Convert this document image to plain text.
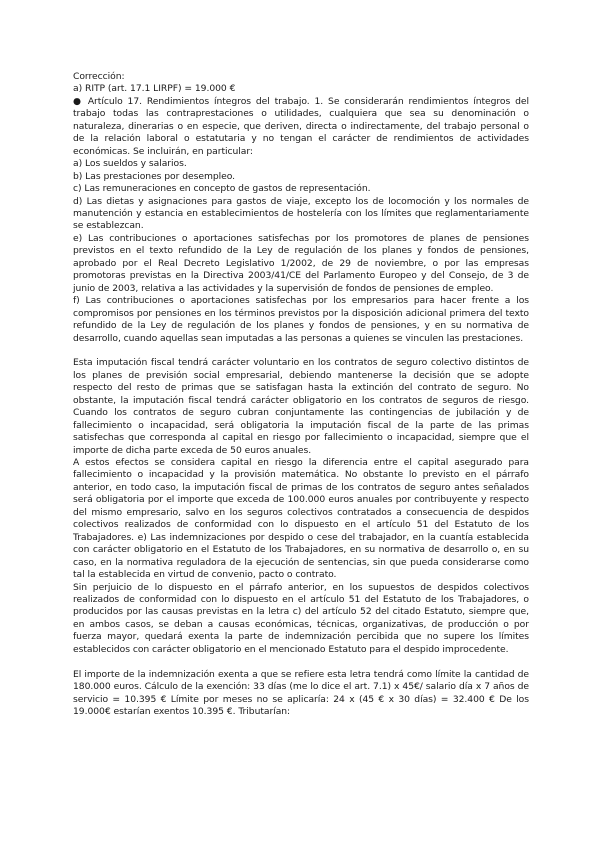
Corrección:

a) RITP (art. 17.1 LIRPF) = 19.000 €

● Artículo 17. Rendimientos íntegros del trabajo. 1. Se considerarán rendimientos íntegros del trabajo todas las contraprestaciones o utilidades, cualquiera que sea su denominación o naturaleza, dinerarias o en especie, que deriven, directa o indirectamente, del trabajo personal o de la relación laboral o estatutaria y no tengan el carácter de rendimientos de actividades económicas. Se incluirán, en particular:

a) Los sueldos y salarios.

b) Las prestaciones por desempleo.

c) Las remuneraciones en concepto de gastos de representación.

d) Las dietas y asignaciones para gastos de viaje, excepto los de locomoción y los normales de manutención y estancia en establecimientos de hostelería con los límites que reglamentariamente se establezcan.

e) Las contribuciones o aportaciones satisfechas por los promotores de planes de pensiones previstos en el texto refundido de la Ley de regulación de los planes y fondos de pensiones, aprobado por el Real Decreto Legislativo 1/2002, de 29 de noviembre, o por las empresas promotoras previstas en la Directiva 2003/41/CE del Parlamento Europeo y del Consejo, de 3 de junio de 2003, relativa a las actividades y la supervisión de fondos de pensiones de empleo.

f) Las contribuciones o aportaciones satisfechas por los empresarios para hacer frente a los compromisos por pensiones en los términos previstos por la disposición adicional primera del texto refundido de la Ley de regulación de los planes y fondos de pensiones, y en su normativa de desarrollo, cuando aquellas sean imputadas a las personas a quienes se vinculen las prestaciones.

Esta imputación fiscal tendrá carácter voluntario en los contratos de seguro colectivo distintos de los planes de previsión social empresarial, debiendo mantenerse la decisión que se adopte respecto del resto de primas que se satisfagan hasta la extinción del contrato de seguro. No obstante, la imputación fiscal tendrá carácter obligatorio en los contratos de seguros de riesgo. Cuando los contratos de seguro cubran conjuntamente las contingencias de jubilación y de fallecimiento o incapacidad, será obligatoria la imputación fiscal de la parte de las primas satisfechas que corresponda al capital en riesgo por fallecimiento o incapacidad, siempre que el importe de dicha parte exceda de 50 euros anuales.

A estos efectos se considera capital en riesgo la diferencia entre el capital asegurado para fallecimiento o incapacidad y la provisión matemática. No obstante lo previsto en el párrafo anterior, en todo caso, la imputación fiscal de primas de los contratos de seguro antes señalados será obligatoria por el importe que exceda de 100.000 euros anuales por contribuyente y respecto del mismo empresario, salvo en los seguros colectivos contratados a consecuencia de despidos colectivos realizados de conformidad con lo dispuesto en el artículo 51 del Estatuto de los Trabajadores. e) Las indemnizaciones por despido o cese del trabajador, en la cuantía establecida con carácter obligatorio en el Estatuto de los Trabajadores, en su normativa de desarrollo o, en su caso, en la normativa reguladora de la ejecución de sentencias, sin que pueda considerarse como tal la establecida en virtud de convenio, pacto o contrato.

Sin perjuicio de lo dispuesto en el párrafo anterior, en los supuestos de despidos colectivos realizados de conformidad con lo dispuesto en el artículo 51 del Estatuto de los Trabajadores, o producidos por las causas previstas en la letra c) del artículo 52 del citado Estatuto, siempre que, en ambos casos, se deban a causas económicas, técnicas, organizativas, de producción o por fuerza mayor, quedará exenta la parte de indemnización percibida que no supere los límites establecidos con carácter obligatorio en el mencionado Estatuto para el despido improcedente.

El importe de la indemnización exenta a que se refiere esta letra tendrá como límite la cantidad de 180.000 euros. Cálculo de la exención: 33 días (me lo dice el art. 7.1) x 45€/ salario día x 7 años de servicio = 10.395 € Límite por meses no se aplicaría: 24 x (45 € x 30 días) = 32.400 € De los 19.000€ estarían exentos 10.395 €. Tributarían:
